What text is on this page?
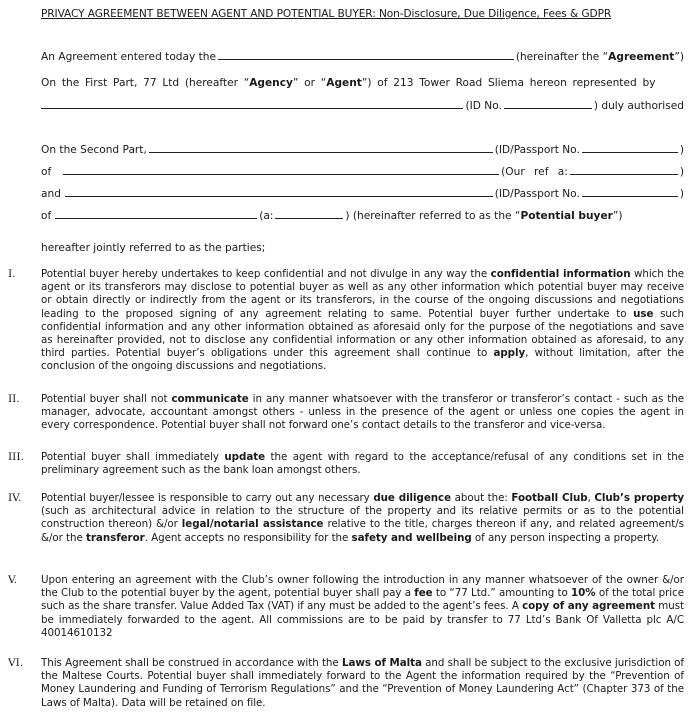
PRIVACY AGREEMENT BETWEEN AGENT AND POTENTIAL BUYER: Non-Disclosure, Due Diligence, Fees & GDPR
An Agreement entered today the	(hereinafter the “Agreement”)
On the First Part, 77 Ltd (hereafter “Agency” or “Agent”) of 213 Tower Road Sliema hereon represented by
(ID No.	) duly authorised
On the Second Part,	(ID/Passport No.	)
of	(Our ref a:	)
and	(ID/Passport No.	)
of	(a:	) (hereinafter referred to as the “Potential buyer”)
hereafter jointly referred to as the parties;
I.	Potential buyer hereby undertakes to keep confidential and not divulge in any way the confidential information which the agent or its transferors may disclose to potential buyer as well as any other information which potential buyer may receive or obtain directly or indirectly from the agent or its transferors, in the course of the ongoing discussions and negotiations leading to the proposed signing of any agreement relating to same. Potential buyer further undertake to use such confidential information and any other information obtained as aforesaid only for the purpose of the negotiations and save as hereinafter provided, not to disclose any confidential information or any other information obtained as aforesaid, to any third parties. Potential buyer’s obligations under this agreement shall continue to apply, without limitation, after the conclusion of the ongoing discussions and negotiations.
II.	Potential buyer shall not communicate in any manner whatsoever with the transferor or transferor’s contact - such as the manager, advocate, accountant amongst others - unless in the presence of the agent or unless one copies the agent in every correspondence. Potential buyer shall not forward one’s contact details to the transferor and vice-versa.
III.	Potential buyer shall immediately update the agent with regard to the acceptance/refusal of any conditions set in the preliminary agreement such as the bank loan amongst others.
IV.	Potential buyer/lessee is responsible to carry out any necessary due diligence about the: Football Club, Club’s property (such as architectural advice in relation to the structure of the property and its relative permits or as to the potential construction thereon) &/or legal/notarial assistance relative to the title, charges thereon if any, and related agreement/s &/or the transferor. Agent accepts no responsibility for the safety and wellbeing of any person inspecting a property.
V.	Upon entering an agreement with the Club’s owner following the introduction in any manner whatsoever of the owner &/or the Club to the potential buyer by the agent, potential buyer shall pay a fee to “77 Ltd.” amounting to 10% of the total price such as the share transfer. Value Added Tax (VAT) if any must be added to the agent’s fees. A copy of any agreement must be immediately forwarded to the agent. All commissions are to be paid by transfer to 77 Ltd’s Bank Of Valletta plc A/C 40014610132
VI.	This Agreement shall be construed in accordance with the Laws of Malta and shall be subject to the exclusive jurisdiction of the Maltese Courts. Potential buyer shall immediately forward to the Agent the information required by the “Prevention of Money Laundering and Funding of Terrorism Regulations” and the “Prevention of Money Laundering Act” (Chapter 373 of the Laws of Malta). Data will be retained on file.
